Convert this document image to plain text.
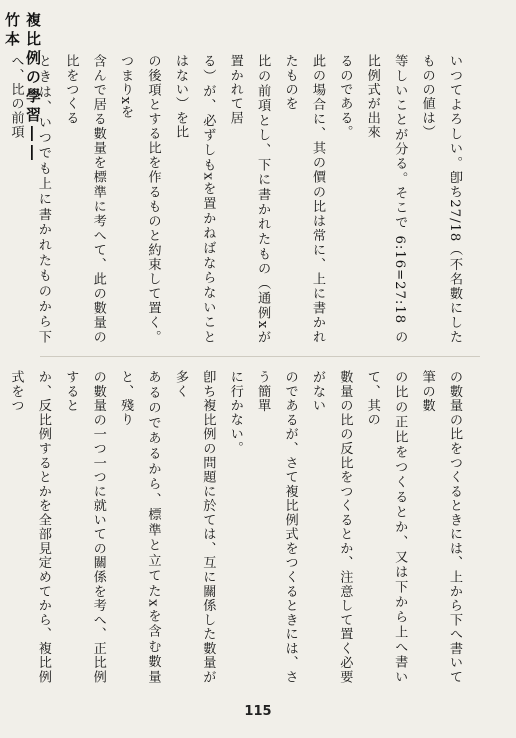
複比例の學習――竹本

いつてよろしい。卽ち27/18（不名數にしたものの値は）

等しいことが分る。そこで 6:16=27:18 の比例式が出來

るのである。

此の場合に、其の價の比は常に、上に書かれたものを

比の前項とし、下に書かれたもの（通例xが置かれて居

る）が、必ずしもxを置かねばならないことはない）を比

の後項とする比を作るものと約束して置く。つまりxを

含んで居る數量を標準に考へて、此の數量の比をつくる

ときは、いつでも上に書かれたものから下へ、比の前項

の數量の比をつくるときには、上から下へ書いて筆の數

の比の正比をつくるとか、又は下から上へ書いて、其の

數量の比の反比をつくるとか、注意して置く必要がない

のであるが、さて複比例式をつくるときには、さう簡單

に行かない。

卽ち複比例の問題に於ては、互に關係した數量が多く

あるのであるから、標準と立てたxを含む數量と、殘り

の數量の一つ一つに就いての關係を考へ、正比例すると

か、反比例するとかを全部見定めてから、複比例式をつ

115
